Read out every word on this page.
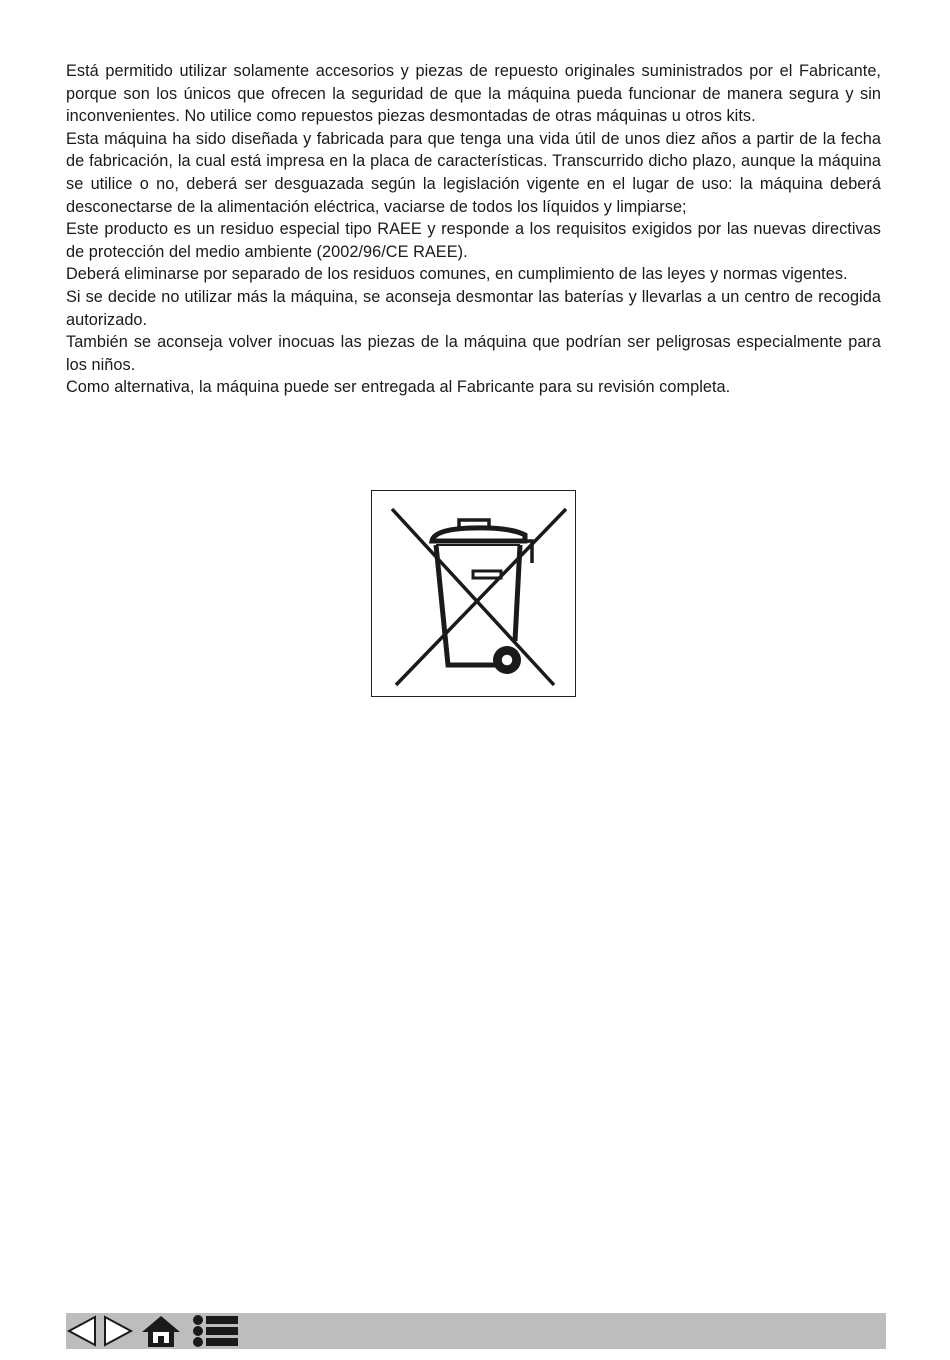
Está permitido utilizar solamente accesorios y piezas de repuesto originales suministrados por el Fabricante, porque son los únicos que ofrecen la seguridad de que la máquina pueda funcionar de manera segura y sin inconvenientes. No utilice como repuestos piezas desmontadas de otras máquinas u otros kits.

Esta máquina ha sido diseñada y fabricada para que tenga una vida útil de unos diez años a partir de la fecha de fabricación, la cual está impresa en la placa de características. Transcurrido dicho plazo, aunque la máquina se utilice o no, deberá ser desguazada según la legislación vigente en el lugar de uso: la máquina deberá desconectarse de la alimentación eléctrica, vaciarse de todos los líquidos y limpiarse;

Este producto es un residuo especial tipo RAEE y responde a los requisitos exigidos por las nuevas directivas de protección del medio ambiente (2002/96/CE RAEE).

Deberá eliminarse por separado de los residuos comunes, en cumplimiento de las leyes y normas vigentes.

Si se decide no utilizar más la máquina, se aconseja desmontar las baterías y llevarlas a un centro de recogida autorizado.

También se aconseja volver inocuas las piezas de la máquina que podrían ser peligrosas especialmente para los niños.

Como alternativa, la máquina puede ser entregada al Fabricante para su revisión completa.
